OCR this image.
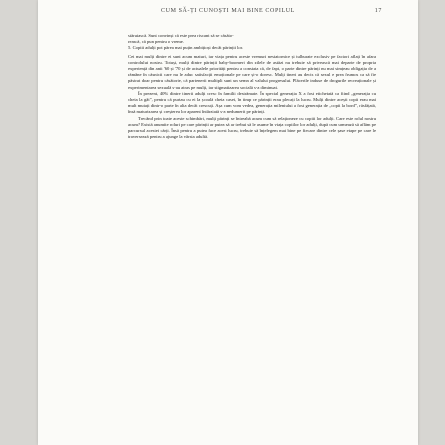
CUM SĂ-ȚI CUNOȘTI MAI BINE COPILUL	17

stăruiască. Sunt convinși că este prea riscant să se căsăto-

rească, că pun pentru o vreme.

5. Copiii adulți pot părea mai puțin ambițioși decât părinții lor.

Cei mai mulți dintre ei sunt acum maturi, iar viața pentru aceste vremuri nestatornice și tulburate exclusiv pe factori aflați în afara controlului nostru. Totuși, mulți dintre părinții baby-boomeri din zilele de astăzi nu trebuie să privească mai departe de propria experiență din anii '60 și '70 și de actualele priorități pentru a constata că, de fapt, o parte dintre părinți nu mai simțeau obligația de a rămâne în căsnicii care nu le aduc satisfacții emoționale pe care și-o doresc. Mulți tineri au decis că sexul e prea frumos ca să fie păstrat doar pentru căsătorie, că partenerii multipli sunt un semn al valului progresului. Plăcerile induse de drogurile recreaționale și experimentarea sexuală s-au atras pe mulți, iar stigmatizarea socială s-a diminuat.

În prezent, 40% dintre tinerii adulți cresc în familii destrămate. În special generația X a fost etichetată ca fiind „generația cu cheia la gât”, pentru că purtau cu ei la școală cheia casei, în timp ce părinții erau plecați la lucru. Mulți dintre acești copii erau mai mult mutați dintr-o parte în alta decât crescuți. Așa cum vom vedea, generația mileniului a fost generația de „copii la bord”, răsfățată, însă maturizarea și creșterea lor aparent întârziată s-a nedumerit pe părinți.

Trecând prin toate aceste schimbări, mulți părinți se întreabă acum cum să relaționeze cu copiii lor adulți. Care este rolul nostru acum? Există anumite roluri pe care părinții ar putea să ar trebui să le asume în viața copiilor lor adulți, după cum urmează să aflăm pe parcursul acestei cărți. Însă pentru a putea face acest lucru, trebuie să înțelegem mai bine pe fiecare dintre cele șase etape pe care le traversează pentru a ajunge la vârsta adultă.
